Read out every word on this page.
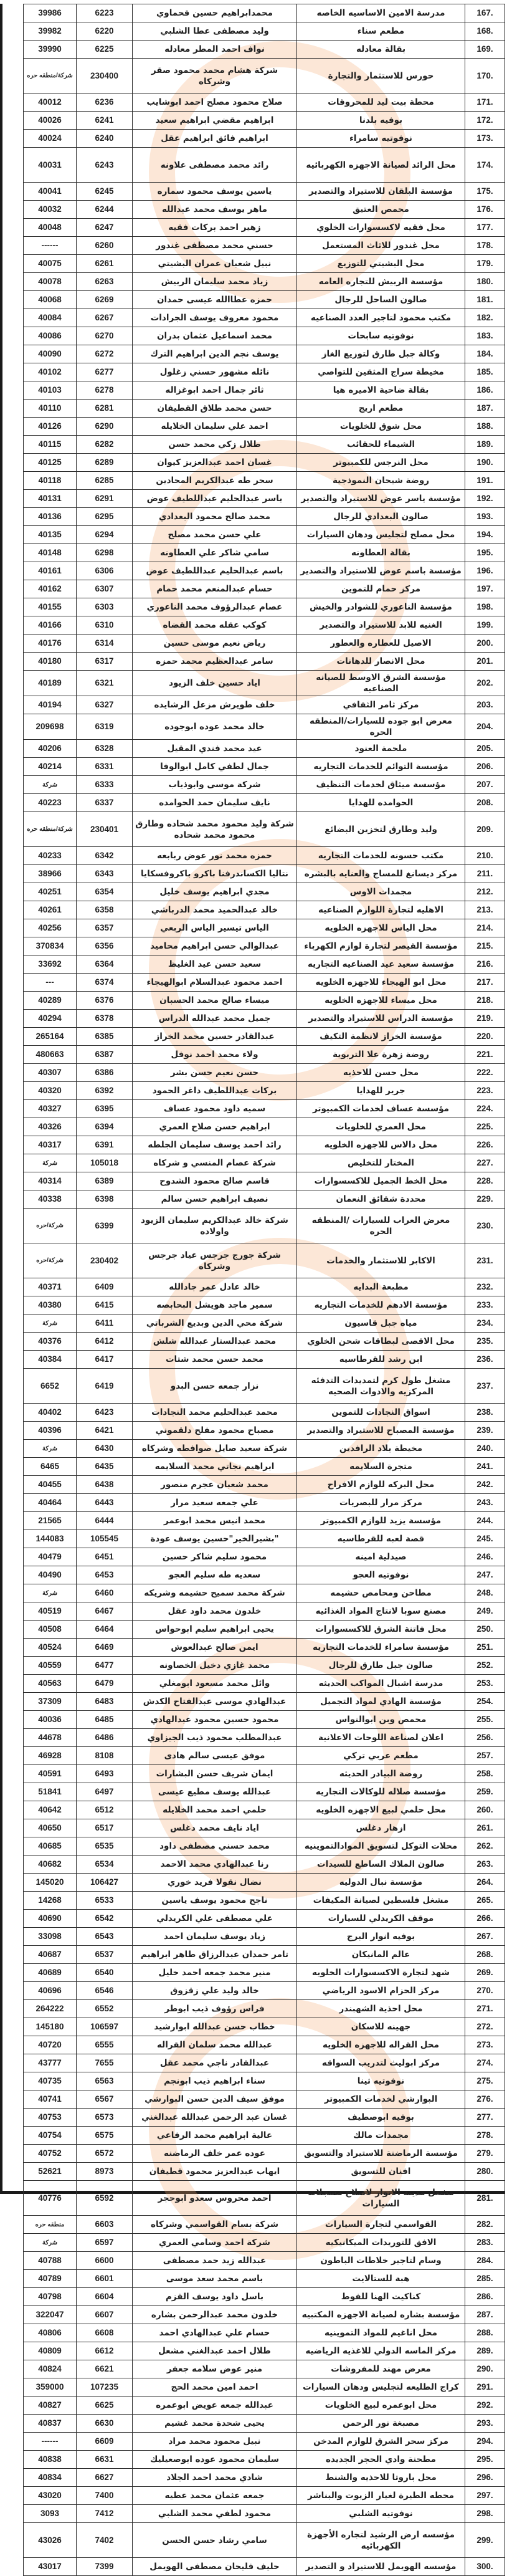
.167	مدرسة الامين الاساسيه الخاصه	محمدابراهيم حسين قحماوي	6223	39986
.168	مطعم سناء	وليد مصطفى عطا الشلبي	6220	39982
.169	بقالة معادله	نواف احمد المطر معادله	6225	39990
.170	حورس للاستثمار والتجارة	شركة هشام محمد محمود صقر وشركاه	230400	شركة/منطقه حره
.171	محطة بيت ليد للمحروقات	صلاح محمود مصلح احمد ابوشايب	6236	40012
.172	بوفيه بلدنا	ابراهيم مقضي ابراهيم سعيد	6241	40026
.173	نوفوتيه سامراء	ابراهيم فائق ابراهيم عقل	6240	40024
.174	محل الرائد لصيانة الاجهزه الكهربائيه	رائد محمد مصطفى علاونه	6243	40031
.175	مؤسسة البلقان للاستيراد والتصدير	ياسين يوسف محمود سماره	6245	40041
.176	محمص العتيق	ماهر يوسف محمد عبدالله	6244	40032
.177	محل فقيه لاكسسوارات الخلوي	زهير احمد بركات فقيه	6247	40048
.178	محل غندور للاثاث المستعمل	حسني محمد مصطفى غندور	6260	------
.179	محل البشيتي للتوزيع	نبيل شعبان عمران البشيتي	6261	40075
.180	مؤسسة الربيش للتجاره العامه	زياد محمد سليمان الربيش	6263	40078
.181	صالون الساحل للرجال	حمزه عطاالله عيسى حمدان	6269	40068
.182	مكتب محمود لتاجير العدد الصناعيه	محمود معروف يوسف الجرادات	6267	40084
.183	نوفوتيه سابحات	محمد اسماعيل عثمان بدران	6270	40086
.184	وكالة جبل طارق لتوزيع الغاز	يوسف نجم الدين ابراهيم الترك	6272	40090
.185	مخيطة سراج المثقين للتواصي	نائله مشهور حسني زغلول	6277	40102
.186	بقالة ضاحية الاميره هيا	ثائر جمال احمد ابوغزاله	6278	40103
.187	مطعم اريج	حسن محمد طلاق القطيفان	6281	40110
.188	محل شوق للخلويات	احمد علي سليمان الخلايله	6290	40126
.189	الشيماء للحقائب	طلال زكي محمد حسن	6282	40115
.190	محل النرجس للكمبيوتر	غسان احمد عبدالعزيز كيوان	6289	40125
.191	روضة شيحان النموذجية	سحر طه عبدالكريم المحادين	6285	40118
.192	مؤسسة ياسر عوض للاستيراد والتصدير	ياسر عبدالحليم عبداللطيف عوض	6291	40131
.193	صالون البغدادي للرجال	محمد صالح محمود البغدادي	6295	40136
.194	محل مصلح لتجليس ودهان السيارات	علي حسن محمد مصلح	6294	40135
.195	بقالة العطاونه	سامي شاكر علي العطاونه	6298	40148
.196	مؤسسة باسم عوض للاستيراد والتصدير	باسم عبدالحليم عبداللطيف عوض	6306	40161
.197	مركز حمام للتموين	حسام عبدالمنعم محمد حمام	6307	40162
.198	مؤسسة الناعوري للشوادر والخيش	عصام عبدالرؤوف محمد الناعوري	6303	40155
.199	الغنيه للابد للاستيراد والتصدير	كوكب عقله محمد القضاه	6310	40166
.200	الاصيل للعطاره والعطور	رياض نعيم موسى حسين	6314	40176
.201	محل الانصار للدهانات	سامر عبدالعظيم محمد حمزه	6317	40180
.202	مؤسسة الشرق الاوسط للصيانه الصناعيه	اياد حسين خلف الزيود	6321	40189
.203	مركز ثامر الثقافي	خلف طويرش مزعل الرشايده	6327	40194
.204	معرض ابو جوده للسيارات/المنطقه الحره	خالد محمد عوده ابوجوده	6319	209698
.205	ملحمة العنود	عيد محمد فندي المقيل	6328	40206
.206	مؤسسة التوائم للخدمات التجاريه	جمال لطفي كامل ابوالوفا	6331	40214
.207	مؤسسة ميثاق لخدمات التنظيف	شركة موسى وابوذياب	6333	شركة
.208	الحوامده للهدايا	نايف سليمان حمد الحوامده	6337	40223
.209	وليد وطارق لتخزين البضائع	شركة وليد محمود محمد شحاده وطارق محمود محمد شحاده	230401	شركة/منطقه حره
.210	مكتب حسونه للخدمات التجاريه	حمزه محمد نور عوض ربابعه	6342	40233
.211	مركز ديسانغ للمساج والعنايه بالبشره	نتاليا الكساندرفنا باكرو باكروفسكايا	6343	38966
.212	مجمدات الاوس	مجدي ابراهيم يوسف خليل	6354	40251
.213	الاهليه لتجارة اللوازم الصناعيه	خالد عبدالحميد محمد الدرباشي	6358	40261
.214	محل الياس للاجهزه الخلويه	الياس تيسير الياس الربعي	6357	40256
.215	مؤسسة القيصر لتجارة لوازم الكهرباء	عبدالوالي حسن ابراهيم محاميد	6356	370834
.216	مؤسسة سعيد عيد الصناعيه التجاريه	سعيد حسن عيد الغليظ	6364	33692
.217	محل ابو الهيجاء للاجهزه الخلويه	احمد محمود عبدالسلام ابوالهيجاء	6374	---
.218	محل ميساء للاجهزه الخلويه	ميساء صالح محمد الحسبان	6376	40289
.219	مؤسسة الدراس للاستيراد والتصدير	جميل محمد عبدالله الدراس	6378	40294
.220	مؤسسة الخراز لانظمة التكيف	عبدالقادر حسين محمد الخراز	6385	265164
.221	روضة زهرة علا التربوية	ولاء محمد احمد نوفل	6387	480663
.222	محل حسن للاحذيه	حسن نعيم حسن بشر	6386	40307
.223	جرير للهدايا	بركات عبداللطيف داغر الحمود	6392	40320
.224	مؤسسة عساف لخدمات الكمبيوتر	سميه داود محمود عساف	6395	40327
.225	محل العمري للخلويات	ابراهيم حسن صلاح العمري	6394	40326
.226	محل دالاس للاجهزه الخلويه	رائد احمد يوسف سليمان الجلطه	6391	40317
.227	المختار للتخليص	شركة عصام المنسي و شركاه	105018	شركة
.228	محل الخط الجميل للاكسسوارات	قاسم صالح محمود الشدوح	6389	40314
.229	محددة شقائق النعمان	نصيف ابراهيم حسن سالم	6398	40338
.230	معرض العراب للسيارات /المنطقه الحره	شركة خالد عبدالكريم سليمان الزيود واولاده	6399	شركة/حره
.231	الاكابر للاستثمار والخدمات	شركة جورج جرجس عياد جرجس وشركاه	230402	شركة/حره
.232	مطبعة البدايه	خالد عادل عمر جادالله	6409	40371
.233	مؤسسة الادهم للخدمات التجاريه	سمير ماجد هويشل البحابصه	6415	40380
.234	مياه جبل قاسيون	شركة محي الدين وبديع الشرباتي	6411	شركة
.235	محل الاقصى لبطاقات شحن الخلوي	محمد عبدالستار عبدالله شلش	6412	40376
.236	ابن رشد للقرطاسيه	محمد حسن محمد شتات	6417	40384
.237	مشغل طول كرم لتمديدات التدفئه المركزيه والادوات الصحيه	نزار جمعه حسن البدو	6419	6652
.238	اسواق النجادات للتموين	محمد عبدالحليم محمد النجادات	6423	40402
.239	مؤسسة المصباح للاستيراد والتصدير	مصباح محمود مفلح دلقموني	6421	40396
.240	مخيطة بلاد الرافدين	شركة سعيد صايل صوافطه وشركاه	6430	شركة
.241	متجرة السلايمه	ابراهيم نجاتي محمد السلايمه	6435	6465
.242	محل البركه للوازم الافراح	محمد شعبان عجرم منصور	6438	40455
.243	مركز مرار للبصريات	علي جمعه سعيد مرار	6443	40464
.244	مؤسسة يزيد للوازم الكمبيوتر	محمد انيس محمد ابوعمر	6444	21565
.245	قصة لعبه للقرطاسيه	"بشيرالخير"حسين يوسف عودة	105545	144083
.246	صيدلية امينه	محمود سليم شاكر حسين	6451	40479
.247	نوفوتيه العجو	سعديه طه سليم العجو	6453	40490
.248	مطاحن ومحامص حشيمه	شركة محمد سميح حشيمه وشريكه	6460	شركة
.249	مصنع سوبا لانتاج المواد الغذائيه	خلدون محمد داود عقل	6467	40519
.250	محل فاتنة الشرق للاكسسوارات	يحيى ابراهيم سليم ابوحواس	6464	40508
.251	مؤسسة سامراء للخدمات التجاريه	ايمن صالح عبدالعوش	6469	40524
.252	صالون جبل طارق للرجال	محمد غازي دخيل الخصاونه	6477	40559
.253	مدرسة اشبال المواكب الحديثه	وائل محمد مسعود ابومغلي	6479	40563
.254	مؤسسة الهادي لمواد التجميل	عبدالهادي موسى عبدالفتاح الكدش	6483	37309
.255	محمص وبن ابوالنواس	محمود حسين محمود عبدالهادي	6485	40036
.256	اعلان لصناعة اللوحات الاعلانية	عبدالمطلب محمود ذيب الجيزاوي	6486	44678
.257	مطعم عربي تركي	موفق عيسى سالم هادى	8108	46928
.258	روضة البيادر الحديثه	ايمان شريف حسن البشارات	6493	40591
.259	مؤسسة صلاله للوكالات التجاريه	عبدالله يوسف مطيع عيسى	6497	51841
.260	محل حلمي لبيع الاجهزه الخلويه	حلمي احمد محمد الخلايله	6512	40642
.261	ازهار دغلس	اياد نايف محمد دغلس	6517	40650
.262	محلات التوكل لتسويق الموادالتموينيه	محمد حسني مصطفى داود	6535	40685
.263	صالون الملاك الساطع للسيدات	رنا عبدالهادي محمد الاحمد	6534	40682
.264	مؤسسة نبال الدوليه	نضال نقولا فريد خوري	106427	145020
.265	مشغل فلسطين لصيانة المكيفات	ناجح محمود يوسف ياسين	6533	14268
.266	موقف الكريدلي للسيارات	علي مصطفى علي الكريدلي	6542	40690
.267	بوفيه انوار البرج	زياد يوسف سليمان احمد	6543	33098
.268	عالم المانيكان	تامر حمدان عبدالرزاق طاهر ابراهيم	6537	40687
.269	شهد لتجارة الاكسسوارات الخلويه	منير محمد جمعه احمد خليل	6540	40689
.270	مركز الحزام الاسود الرياضي	خالد وليد علي زقزوق	6546	40696
.271	محل احذية الشهبندر	فراس رؤوف ذيب ابوطر	6552	264222
.272	جهينه للاسكان	خطاب حسن عبدالله ابوارشيد	106597	145180
.273	محل القراله للاجهزه الخلويه	عبدالله محمد سلمان القراله	6555	40720
.274	مركز ابوليث لتدريب السواقه	عبدالقادر ناجي محمد عقل	7655	43777
.275	نوفوتيه ثينا	سناء ابراهيم ذيب ابونجم	6563	40735
.276	البوارشي لخدمات الكمبيوتر	موفق سيف الدين حسن البوارشي	6567	40741
.277	بوفيه ابوصطيف	غسان عبد الرحمن عبدالله عبدالغني	6573	40753
.278	مجمدات مالك	عالية ابراهيم محمد الرفاعي	6575	40754
.279	مؤسسة الرماضنة للاستيراد والتسويق	عوده عمر خلف الرماضنه	6572	40752
.280	افنان للتسويق	ايهاب عبدالعزيز محمود قطيفان	8973	52621
.281	مشغل مدينة الانوار لاصلاح مسجلات السيارات	احمد محروس سعدو ابوحجر	6592	40776
.282	القواسمي لتجارة السيارات	شركة بسام القواسمي وشركاه	6603	منطقه حره
.283	الافق للتوريدات الميكانيكيه	شركة احمد وسامي العمري	6597	شركة
.284	وسام لتاجير خلاطات الباطون	عبدالله زيد حمد مصطفى	6600	40788
.285	هبة للستالايت	باسم محمد سعد موسى	6601	40789
.286	كناكيت الهنا للفوط	باسل داود يوسف القزم	6604	40798
.287	مؤسسة بشاره لصيانة الاجهزه المكتبيه	خلدون محمد عبدالرحمن بشاره	6607	322047
.288	محل اناغيم للمواد التموينيه	حسام علي عبدالهادي احمد	6608	40806
.289	مركز الماسه الدولي للاغذيه الرياضيه	طلال احمد عبدالغني مشعل	6612	40809
.290	معرض مهند للمفروشات	منير عوض سلامه جعفر	6621	40824
.291	كراج الطليعه لتجليس ودهان السيارات	احمد امين محمد الحج	107235	359000
.292	محل ابوعمره لبيع الخلويات	عبدالله جمعه عويض ابوعمره	6625	40827
.293	مصبغة نور الرحمن	يحيى شحدة محمد غشيم	6630	40837
.294	مركز سحر الشرق للوازم المدخن	نبيل محمود محمد مراد	6609	------
.295	مطحنة وادي الحجر الجديده	سليمان محمود عوده ابوصعيليك	6631	40838
.296	محل باروتا للاحذيه والشنط	شادي محمد احمد الجلاد	6627	40834
.297	محطه الطيرة لغيار الزيوت والبناشر	جمعه عثمان محمد عطيه	7400	43020
.298	نوفوتيه الشلبي	محمود لطفي محمد الشلبي	7412	3093
.299	مؤسسه ارض الرشيد لتجاره الأجهزة الكهربائيه	سامي رشاد حسن الحسن	7402	43026
.300	مؤسسه الهويمل للاستيراد و التصدير	حليف فليحان مصطفى الهويمل	7399	43017
